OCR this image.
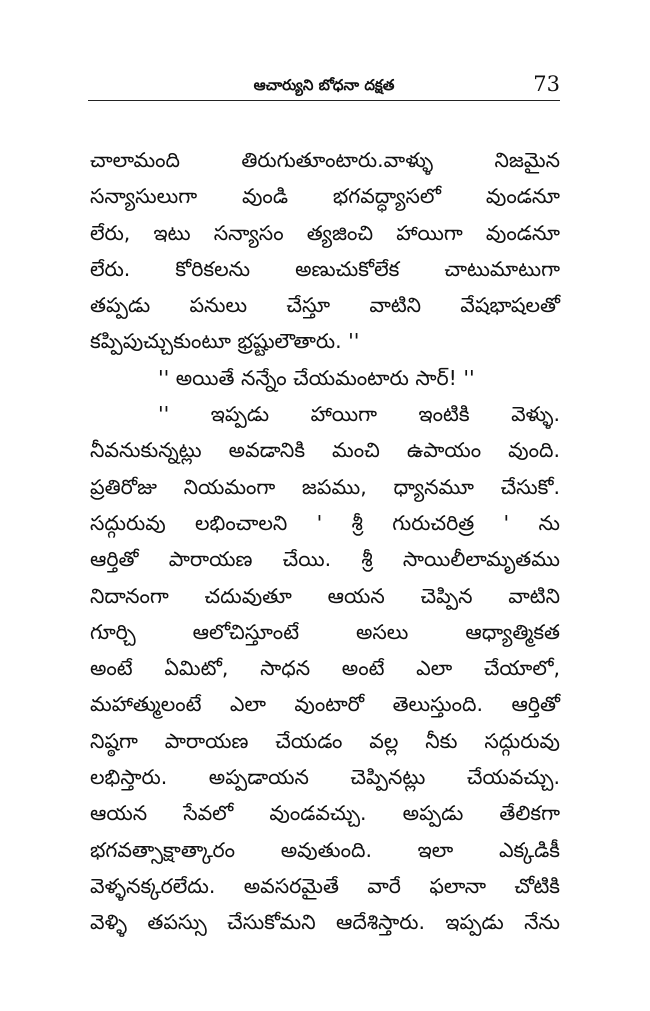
ఆచార్యుని బోధనా దక్షత	73
చాలామంది తిరుగుతూంటారు.వాళ్ళు నిజమైన
సన్యాసులుగా వుండి భగవద్ధ్యాసలో వుండనూ
లేరు, ఇటు సన్యాసం త్యజించి హాయిగా వుండనూ
లేరు. కోరికలను అణుచుకోలేక చాటుమాటుగా
తప్పడు పనులు చేస్తూ వాటిని వేషభాషలతో
కప్పిపుచ్చుకుంటూ భ్రష్టులౌతారు. ''
'' అయితే నన్నేం చేయమంటారు సార్! ''
'' ఇప్పడు హాయిగా ఇంటికి వెళ్ళు.
నీవనుకున్నట్లు అవడానికి మంచి ఉపాయం వుంది.
ప్రతిరోజు నియమంగా జపము, ధ్యానమూ చేసుకో.
సద్గురువు లభించాలని ' శ్రీ గురుచరిత్ర ' ను
ఆర్తితో పారాయణ చేయి. శ్రీ సాయిలీలామృతము
నిదానంగా చదువుతూ ఆయన చెప్పిన వాటిని
గూర్చి ఆలోచిస్తూంటే అసలు ఆధ్యాత్మికత
అంటే ఏమిటో, సాధన అంటే ఎలా చేయాలో,
మహాత్ములంటే ఎలా వుంటారో తెలుస్తుంది. ఆర్తితో
నిష్ఠగా పారాయణ చేయడం వల్ల నీకు సద్గురువు
లభిస్తారు. అప్పడాయన చెప్పినట్లు చేయవచ్చు.
ఆయన సేవలో వుండవచ్చు. అప్పడు తేలికగా
భగవత్సాక్షాత్కారం అవుతుంది. ఇలా ఎక్కడికీ
వెళ్ళనక్కరలేదు. అవసరమైతే వారే ఫలానా చోటికి
వెళ్ళి తపస్సు చేసుకోమని ఆదేశిస్తారు. ఇప్పడు నేను
